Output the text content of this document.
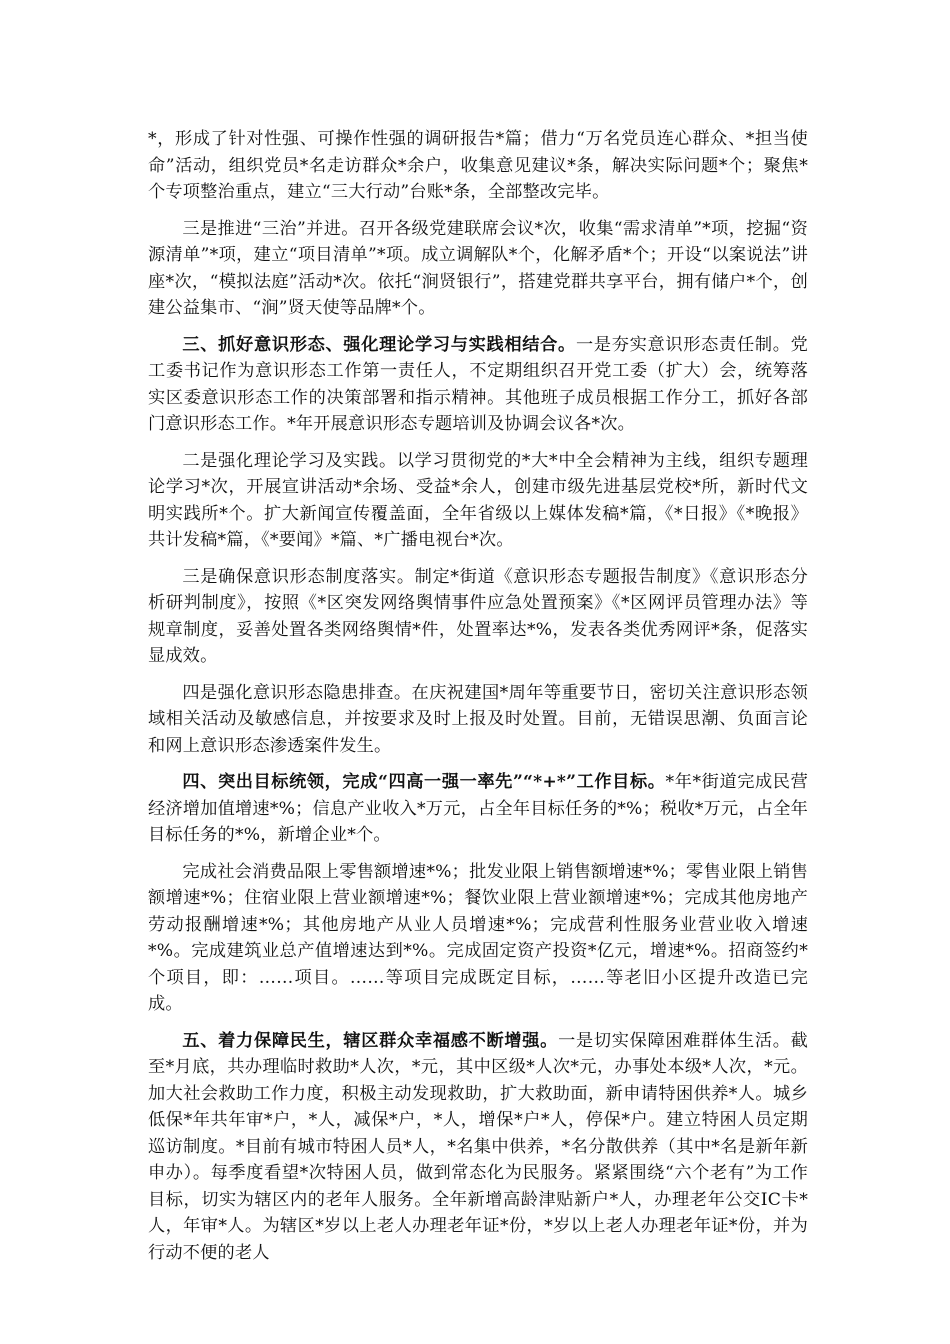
*，形成了针对性强、可操作性强的调研报告*篇；借力“万名党员连心群众、*担当使命”活动，组织党员*名走访群众*余户，收集意见建议*条，解决实际问题*个；聚焦*个专项整治重点，建立“三大行动”台账*条，全部整改完毕。

三是推进“三治”并进。召开各级党建联席会议*次，收集“需求清单”*项，挖掘“资源清单”*项，建立“项目清单”*项。成立调解队*个，化解矛盾*个；开设“以案说法”讲座*次，“模拟法庭”活动*次。依托“涧贤银行”，搭建党群共享平台，拥有储户*个，创建公益集市、“涧”贤天使等品牌*个。

三、抓好意识形态、强化理论学习与实践相结合。一是夯实意识形态责任制。党工委书记作为意识形态工作第一责任人，不定期组织召开党工委（扩大）会，统筹落实区委意识形态工作的决策部署和指示精神。其他班子成员根据工作分工，抓好各部门意识形态工作。*年开展意识形态专题培训及协调会议各*次。

二是强化理论学习及实践。以学习贯彻党的*大*中全会精神为主线，组织专题理论学习*次，开展宣讲活动*余场、受益*余人，创建市级先进基层党校*所，新时代文明实践所*个。扩大新闻宣传覆盖面，全年省级以上媒体发稿*篇，《*日报》《*晚报》共计发稿*篇，《*要闻》*篇、*广播电视台*次。

三是确保意识形态制度落实。制定*街道《意识形态专题报告制度》《意识形态分析研判制度》，按照《*区突发网络舆情事件应急处置预案》《*区网评员管理办法》等规章制度，妥善处置各类网络舆情*件，处置率达*%，发表各类优秀网评*条，促落实显成效。

四是强化意识形态隐患排查。在庆祝建国*周年等重要节日，密切关注意识形态领域相关活动及敏感信息，并按要求及时上报及时处置。目前，无错误思潮、负面言论和网上意识形态渗透案件发生。

四、突出目标统领，完成“四高一强一率先”“*+*”工作目标。*年*街道完成民营经济增加值增速*%；信息产业收入*万元，占全年目标任务的*%；税收*万元，占全年目标任务的*%，新增企业*个。

完成社会消费品限上零售额增速*%；批发业限上销售额增速*%；零售业限上销售额增速*%；住宿业限上营业额增速*%；餐饮业限上营业额增速*%；完成其他房地产劳动报酬增速*%；其他房地产从业人员增速*%；完成营利性服务业营业收入增速*%。完成建筑业总产值增速达到*%。完成固定资产投资*亿元，增速*%。招商签约*个项目，即：……项目。……等项目完成既定目标，……等老旧小区提升改造已完成。

五、着力保障民生，辖区群众幸福感不断增强。一是切实保障困难群体生活。截至*月底，共办理临时救助*人次，*元，其中区级*人次*元，办事处本级*人次，*元。加大社会救助工作力度，积极主动发现救助，扩大救助面，新申请特困供养*人。城乡低保*年共年审*户，*人，减保*户，*人，增保*户*人，停保*户。建立特困人员定期巡访制度。*目前有城市特困人员*人，*名集中供养，*名分散供养（其中*名是新年新申办）。每季度看望*次特困人员，做到常态化为民服务。紧紧围绕“六个老有”为工作目标，切实为辖区内的老年人服务。全年新增高龄津贴新户*人，办理老年公交IC卡*人，年审*人。为辖区*岁以上老人办理老年证*份，*岁以上老人办理老年证*份，并为行动不便的老人
